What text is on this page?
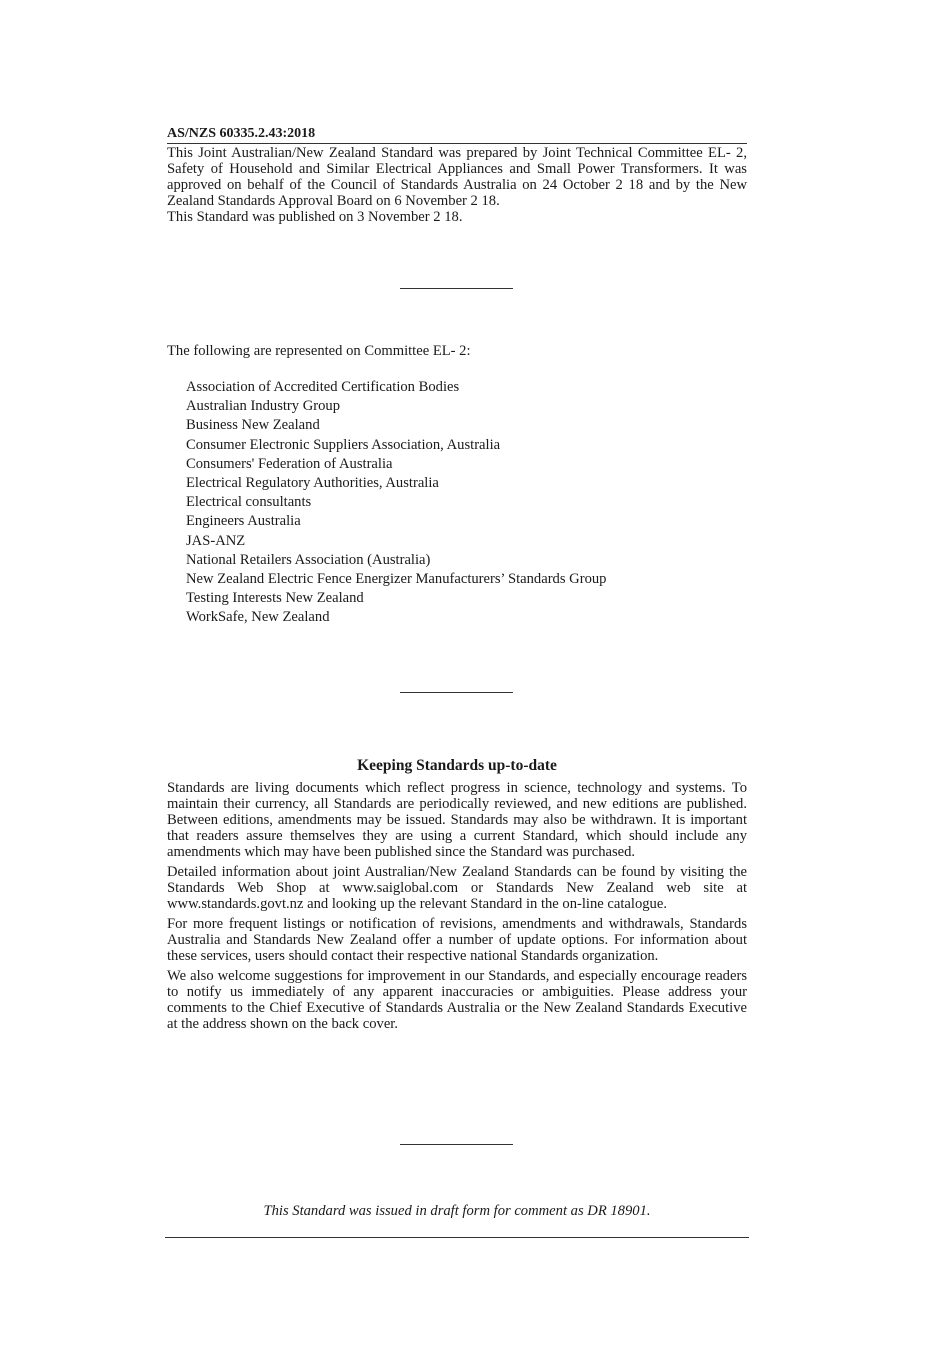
AS/NZS 60335.2.43:2018

This Joint Australian/New Zealand Standard was prepared by Joint Technical Committee EL- 2, Safety of Household and Similar Electrical Appliances and Small Power Transformers. It was approved on behalf of the Council of Standards Australia on 24 October 2 18 and by the New Zealand Standards Approval Board on 6 November 2 18.

This Standard was published on 3 November 2 18.

The following are represented on Committee EL- 2:
Association of Accredited Certification Bodies
Australian Industry Group
Business New Zealand
Consumer Electronic Suppliers Association, Australia
Consumers' Federation of Australia
Electrical Regulatory Authorities, Australia
Electrical consultants
Engineers Australia
JAS-ANZ
National Retailers Association (Australia)
New Zealand Electric Fence Energizer Manufacturers’ Standards Group
Testing Interests New Zealand
WorkSafe, New Zealand
Keeping Standards up-to-date

Standards are living documents which reflect progress in science, technology and systems. To maintain their currency, all Standards are periodically reviewed, and new editions are published. Between editions, amendments may be issued. Standards may also be withdrawn. It is important that readers assure themselves they are using a current Standard, which should include any amendments which may have been published since the Standard was purchased.

Detailed information about joint Australian/New Zealand Standards can be found by visiting the Standards Web Shop at www.saiglobal.com or Standards New Zealand web site at www.standards.govt.nz and looking up the relevant Standard in the on-line catalogue.

For more frequent listings or notification of revisions, amendments and withdrawals, Standards Australia and Standards New Zealand offer a number of update options. For information about these services, users should contact their respective national Standards organization.

We also welcome suggestions for improvement in our Standards, and especially encourage readers to notify us immediately of any apparent inaccuracies or ambiguities. Please address your comments to the Chief Executive of Standards Australia or the New Zealand Standards Executive at the address shown on the back cover.

This Standard was issued in draft form for comment as DR 18901.
